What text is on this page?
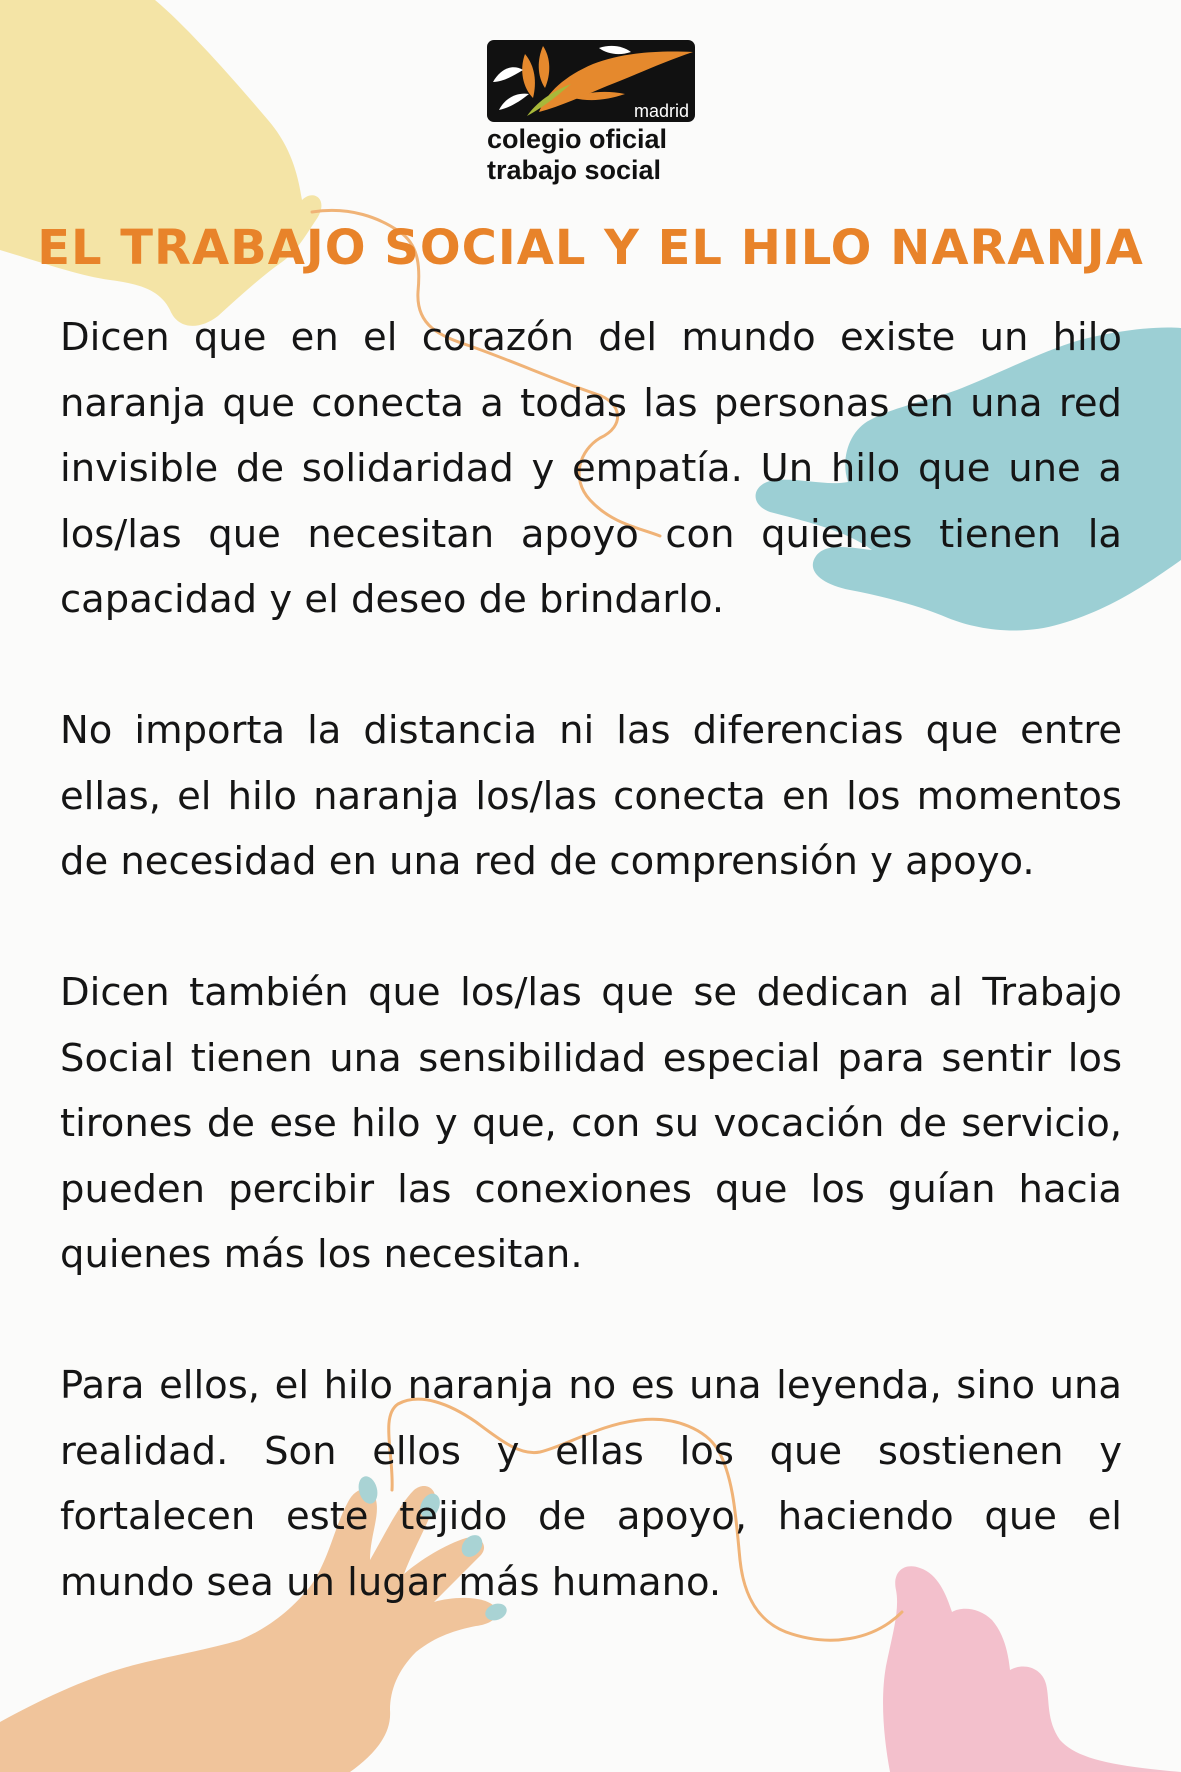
madrid
colegio oficial
trabajo social
EL TRABAJO SOCIAL Y EL HILO NARANJA

Dicen que en el corazón del mundo existe un hilo naranja que conecta a todas las personas en una red invisible de solidaridad y empatía. Un hilo que une a los/las que necesitan apoyo con quienes tienen la capacidad y el deseo de brindarlo.

No importa la distancia ni las diferencias que entre ellas, el hilo naranja los/las conecta en los momentos de necesidad en una red de comprensión y apoyo.

Dicen también que los/las que se dedican al Trabajo Social tienen una sensibilidad especial para sentir los tirones de ese hilo y que, con su vocación de servicio, pueden percibir las conexiones que los guían hacia quienes más los necesitan.

Para ellos, el hilo naranja no es una leyenda, sino una realidad. Son ellos y ellas los que sostienen y fortalecen este tejido de apoyo, haciendo que el mundo sea un lugar más humano.
